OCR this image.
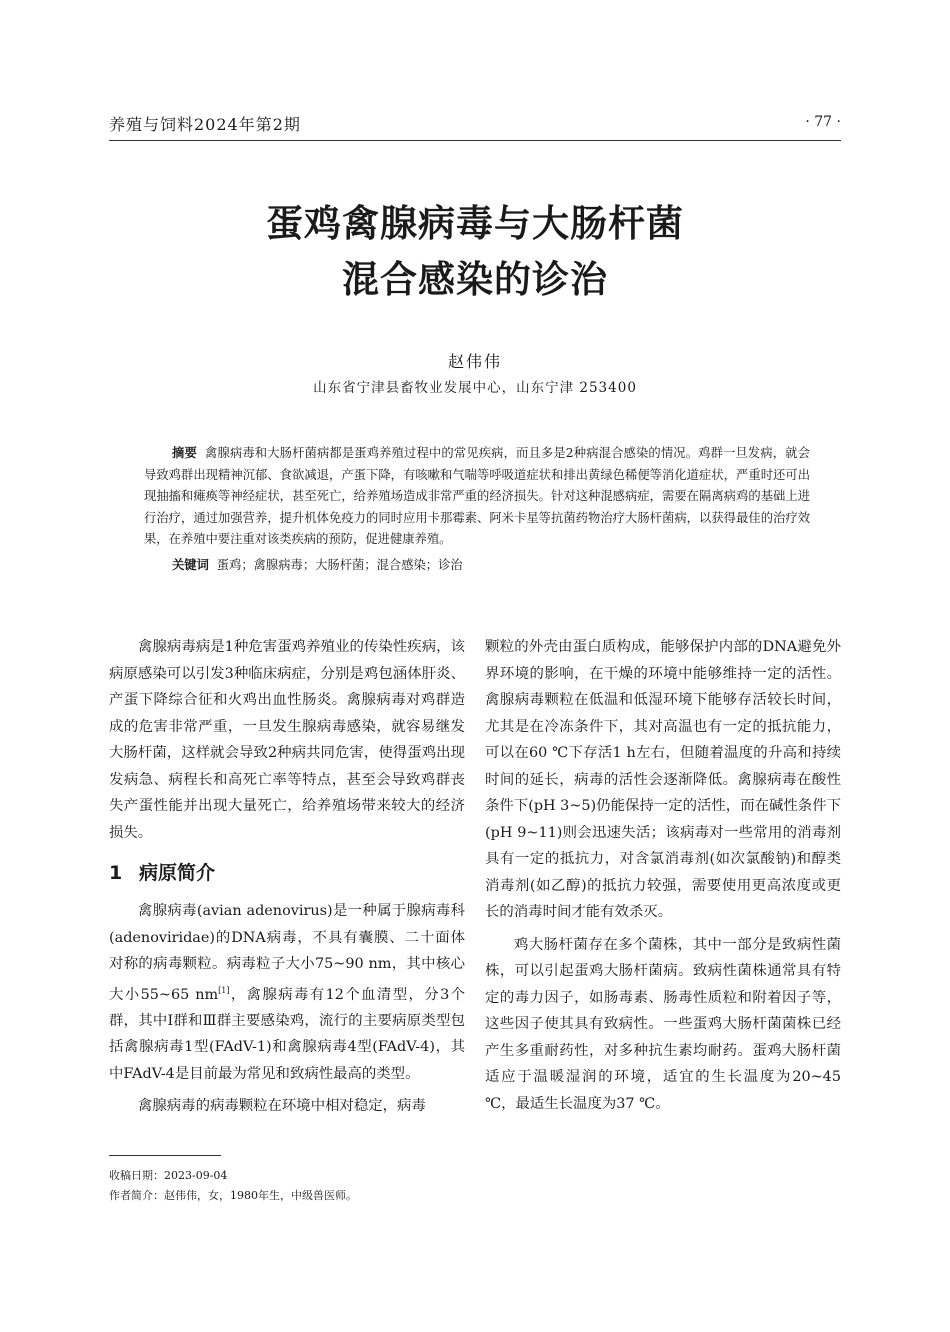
养殖与饲料2024年第2期	· 77 ·
蛋鸡禽腺病毒与大肠杆菌
混合感染的诊治
赵伟伟
山东省宁津县畜牧业发展中心，山东宁津 253400
摘要 禽腺病毒和大肠杆菌病都是蛋鸡养殖过程中的常见疾病，而且多是2种病混合感染的情况。鸡群一旦发病，就会导致鸡群出现精神沉郁、食欲减退，产蛋下降，有咳嗽和气喘等呼吸道症状和排出黄绿色稀便等消化道症状，严重时还可出现抽搐和瘫痪等神经症状，甚至死亡，给养殖场造成非常严重的经济损失。针对这种混感病症，需要在隔离病鸡的基础上进行治疗，通过加强营养，提升机体免疫力的同时应用卡那霉素、阿米卡星等抗菌药物治疗大肠杆菌病，以获得最佳的治疗效果，在养殖中要注重对该类疾病的预防，促进健康养殖。
关键词 蛋鸡；禽腺病毒；大肠杆菌；混合感染；诊治

禽腺病毒病是1种危害蛋鸡养殖业的传染性疾病，该病原感染可以引发3种临床病症，分别是鸡包涵体肝炎、产蛋下降综合征和火鸡出血性肠炎。禽腺病毒对鸡群造成的危害非常严重，一旦发生腺病毒感染，就容易继发大肠杆菌，这样就会导致2种病共同危害，使得蛋鸡出现发病急、病程长和高死亡率等特点，甚至会导致鸡群丧失产蛋性能并出现大量死亡，给养殖场带来较大的经济损失。

1 病原简介

禽腺病毒(avian adenovirus)是一种属于腺病毒科(adenoviridae)的DNA病毒，不具有囊膜、二十面体对称的病毒颗粒。病毒粒子大小75~90 nm，其中核心大小55~65 nm[1]，禽腺病毒有12个血清型，分3个群，其中Ⅰ群和Ⅲ群主要感染鸡，流行的主要病原类型包括禽腺病毒1型(FAdV-1)和禽腺病毒4型(FAdV-4)，其中FAdV-4是目前最为常见和致病性最高的类型。

禽腺病毒的病毒颗粒在环境中相对稳定，病毒

颗粒的外壳由蛋白质构成，能够保护内部的DNA避免外界环境的影响，在干燥的环境中能够维持一定的活性。禽腺病毒颗粒在低温和低湿环境下能够存活较长时间，尤其是在冷冻条件下，其对高温也有一定的抵抗能力，可以在60 ℃下存活1 h左右，但随着温度的升高和持续时间的延长，病毒的活性会逐渐降低。禽腺病毒在酸性条件下(pH 3~5)仍能保持一定的活性，而在碱性条件下(pH 9~11)则会迅速失活；该病毒对一些常用的消毒剂具有一定的抵抗力，对含氯消毒剂(如次氯酸钠)和醇类消毒剂(如乙醇)的抵抗力较强，需要使用更高浓度或更长的消毒时间才能有效杀灭。

鸡大肠杆菌存在多个菌株，其中一部分是致病性菌株，可以引起蛋鸡大肠杆菌病。致病性菌株通常具有特定的毒力因子，如肠毒素、肠毒性质粒和附着因子等，这些因子使其具有致病性。一些蛋鸡大肠杆菌菌株已经产生多重耐药性，对多种抗生素均耐药。蛋鸡大肠杆菌适应于温暖湿润的环境，适宜的生长温度为20~45 ℃，最适生长温度为37 ℃。

收稿日期：2023-09-04
作者简介：赵伟伟，女，1980年生，中级兽医师。
